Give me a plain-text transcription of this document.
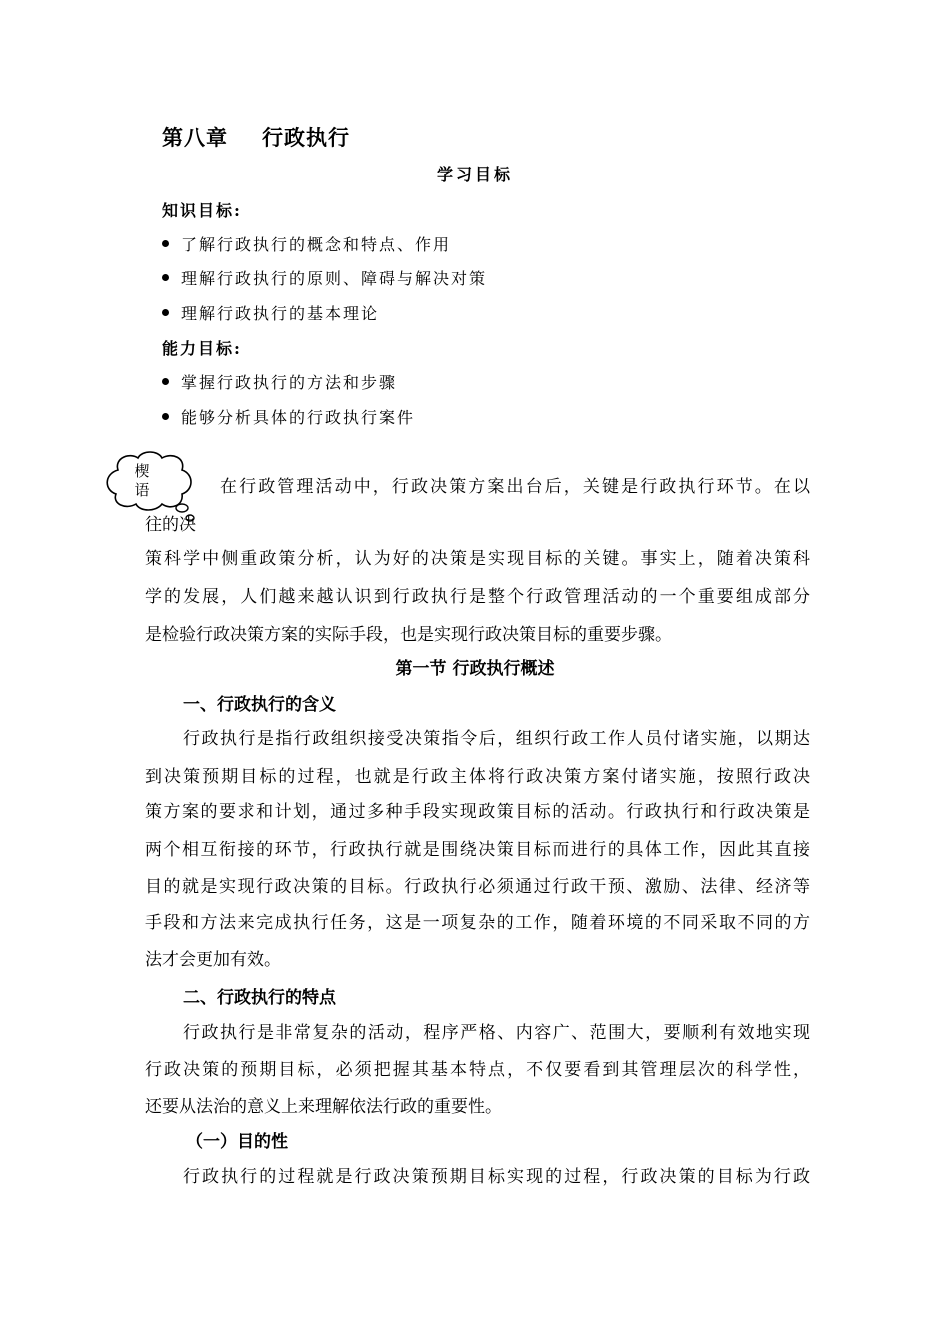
第八章 行政执行
学习目标
知识目标:
了解行政执行的概念和特点、作用
理解行政执行的原则、障碍与解决对策
理解行政执行的基本理论
能力目标:
掌握行政执行的方法和步骤
能够分析具体的行政执行案件
楔
语	在行政管理活动中，行政决策方案出台后，关键是行政执行环节。在以
往的决
策科学中侧重政策分析，认为好的决策是实现目标的关键。事实上，随着决策科
学的发展，人们越来越认识到行政执行是整个行政管理活动的一个重要组成部分
是检验行政决策方案的实际手段，也是实现行政决策目标的重要步骤。
第一节 行政执行概述
一、行政执行的含义
行政执行是指行政组织接受决策指令后，组织行政工作人员付诸实施，以期达
到决策预期目标的过程，也就是行政主体将行政决策方案付诸实施，按照行政决
策方案的要求和计划，通过多种手段实现政策目标的活动。行政执行和行政决策是
两个相互衔接的环节，行政执行就是围绕决策目标而进行的具体工作，因此其直接
目的就是实现行政决策的目标。行政执行必须通过行政干预、激励、法律、经济等
手段和方法来完成执行任务，这是一项复杂的工作，随着环境的不同采取不同的方
法才会更加有效。
二、行政执行的特点
行政执行是非常复杂的活动，程序严格、内容广、范围大，要顺利有效地实现
行政决策的预期目标，必须把握其基本特点，不仅要看到其管理层次的科学性，
还要从法治的意义上来理解依法行政的重要性。
（一）目的性
行政执行的过程就是行政决策预期目标实现的过程，行政决策的目标为行政
